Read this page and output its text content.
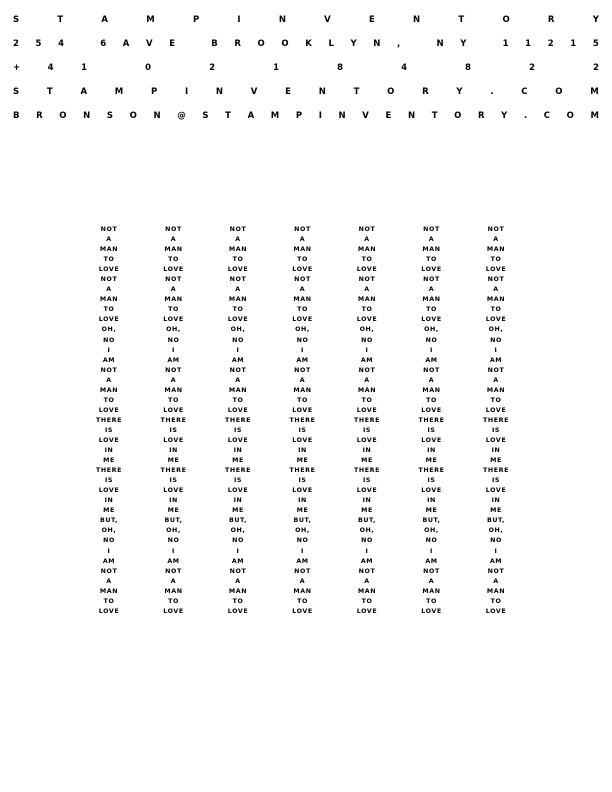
S	T	A	M	P	I	N	V	E	N	T	O	R	Y
2 5 4
	6 A V E
	B R O O K L Y N ,
	N Y
	1 1 2 1 5
+	4	1
	0
	2
	1
	8
	4
	8
	2
	2
S	T	A	M	P	I	N	V	E	N	T	O	R	Y	.	C	O	M
B R O N S O N @ S T A M P I N V E N T O R Y . C O M
NOT
A
MAN
TO
LOVE
NOT
A
MAN
TO
LOVE
OH,
NO
I
AM
NOT
A
MAN
TO
LOVE
THERE
IS
LOVE
IN
ME
THERE
IS
LOVE
IN
ME
BUT,
OH,
NO
I
AM
NOT
A
MAN
TO
LOVE
NOT
A
MAN
TO
LOVE
NOT
A
MAN
TO
LOVE
OH,
NO
I
AM
NOT
A
MAN
TO
LOVE
THERE
IS
LOVE
IN
ME
THERE
IS
LOVE
IN
ME
BUT,
OH,
NO
I
AM
NOT
A
MAN
TO
LOVE
NOT
A
MAN
TO
LOVE
NOT
A
MAN
TO
LOVE
OH,
NO
I
AM
NOT
A
MAN
TO
LOVE
THERE
IS
LOVE
IN
ME
THERE
IS
LOVE
IN
ME
BUT,
OH,
NO
I
AM
NOT
A
MAN
TO
LOVE
NOT
A
MAN
TO
LOVE
NOT
A
MAN
TO
LOVE
OH,
NO
I
AM
NOT
A
MAN
TO
LOVE
THERE
IS
LOVE
IN
ME
THERE
IS
LOVE
IN
ME
BUT,
OH,
NO
I
AM
NOT
A
MAN
TO
LOVE
NOT
A
MAN
TO
LOVE
NOT
A
MAN
TO
LOVE
OH,
NO
I
AM
NOT
A
MAN
TO
LOVE
THERE
IS
LOVE
IN
ME
THERE
IS
LOVE
IN
ME
BUT,
OH,
NO
I
AM
NOT
A
MAN
TO
LOVE
NOT
A
MAN
TO
LOVE
NOT
A
MAN
TO
LOVE
OH,
NO
I
AM
NOT
A
MAN
TO
LOVE
THERE
IS
LOVE
IN
ME
THERE
IS
LOVE
IN
ME
BUT,
OH,
NO
I
AM
NOT
A
MAN
TO
LOVE
NOT
A
MAN
TO
LOVE
NOT
A
MAN
TO
LOVE
OH,
NO
I
AM
NOT
A
MAN
TO
LOVE
THERE
IS
LOVE
IN
ME
THERE
IS
LOVE
IN
ME
BUT,
OH,
NO
I
AM
NOT
A
MAN
TO
LOVE
